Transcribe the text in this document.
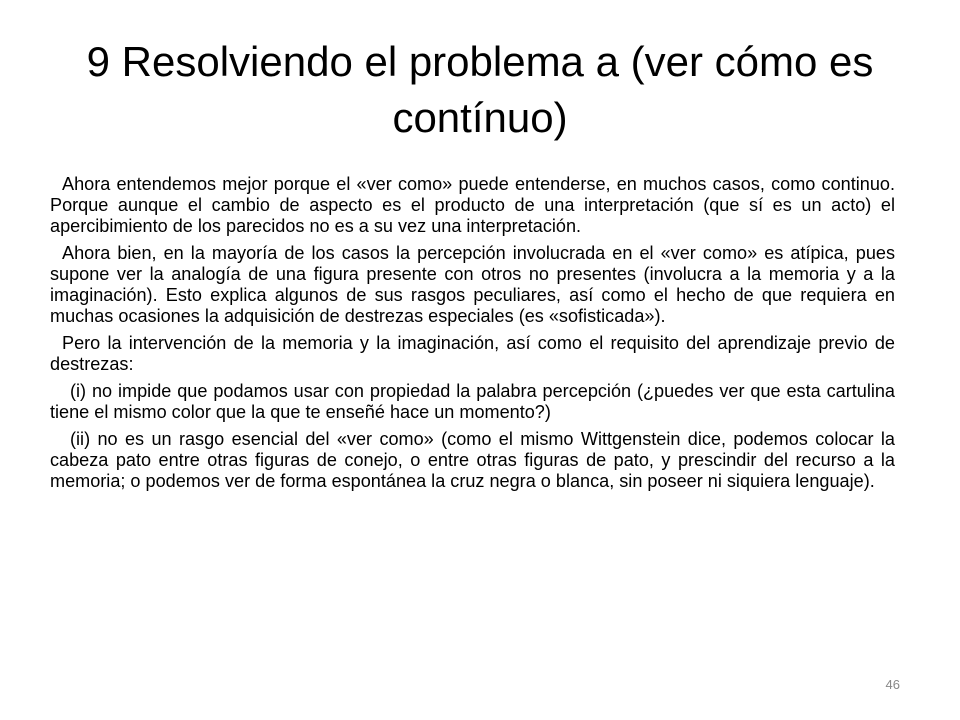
9 Resolviendo el problema a (ver cómo es contínuo)

Ahora entendemos mejor porque el «ver como» puede entenderse, en muchos casos, como continuo. Porque aunque el cambio de aspecto es el producto de una interpretación (que sí es un acto) el apercibimiento de los parecidos no es a su vez una interpretación.

Ahora bien, en la mayoría de los casos la percepción involucrada en el «ver como» es atípica, pues supone ver la analogía de una figura presente con otros no presentes (involucra a la memoria y a la imaginación). Esto explica algunos de sus rasgos peculiares, así como el hecho de que requiera en muchas ocasiones la adquisición de destrezas especiales (es «sofisticada»).

Pero la intervención de la memoria y la imaginación, así como el requisito del aprendizaje previo de destrezas:

(i) no impide que podamos usar con propiedad la palabra percepción (¿puedes ver que esta cartulina tiene el mismo color que la que te enseñé hace un momento?)

(ii) no es un rasgo esencial del «ver como» (como el mismo Wittgenstein dice, podemos colocar la cabeza pato entre otras figuras de conejo, o entre otras figuras de pato, y prescindir del recurso a la memoria; o podemos ver de forma espontánea la cruz negra o blanca, sin poseer ni siquiera lenguaje).

46
